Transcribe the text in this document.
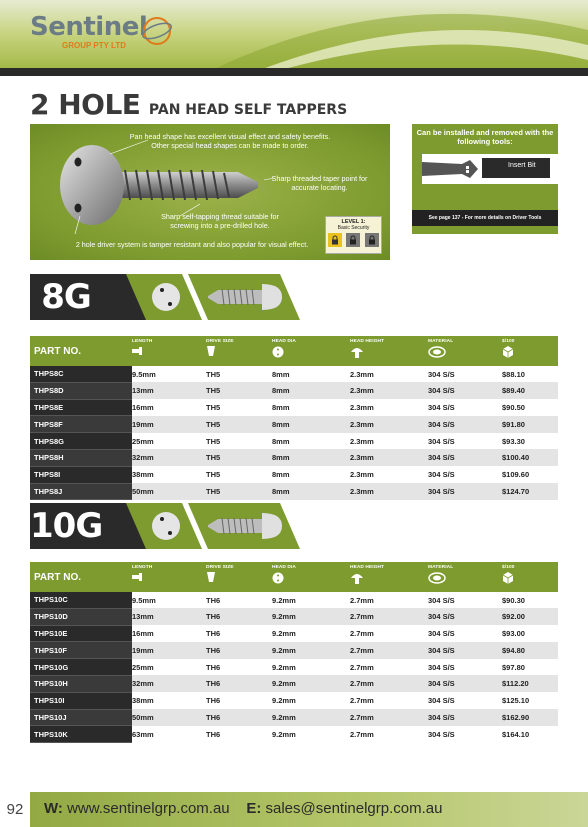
Sentinel
GROUP PTY LTD
2 HOLE PAN HEAD SELF TAPPERS
Pan head shape has excellent visual effect and safety benefits. Other special head shapes can be made to order.
Sharp threaded taper point for accurate locating.
Sharp self-tapping thread suitable for screwing into a pre-drilled hole.
2 hole driver system is tamper resistant and also popular for visual effect.
LEVEL 1:
Basic Security
Can be installed and removed with the following tools:
Insert Bit
See page 137 - For more details on Driver Tools
8G
PART NO.	LENGTH	DRIVE SIZE	HEAD DIA	HEAD HEIGHT	MATERIAL	$/100

THPS8C	9.5mm	TH5	8mm	2.3mm	304 S/S	$88.10
THPS8D	13mm	TH5	8mm	2.3mm	304 S/S	$89.40
THPS8E	16mm	TH5	8mm	2.3mm	304 S/S	$90.50
THPS8F	19mm	TH5	8mm	2.3mm	304 S/S	$91.80
THPS8G	25mm	TH5	8mm	2.3mm	304 S/S	$93.30
THPS8H	32mm	TH5	8mm	2.3mm	304 S/S	$100.40
THPS8I	38mm	TH5	8mm	2.3mm	304 S/S	$109.60
THPS8J	50mm	TH5	8mm	2.3mm	304 S/S	$124.70
10G
PART NO.	LENGTH	DRIVE SIZE	HEAD DIA	HEAD HEIGHT	MATERIAL	$/100

THPS10C	9.5mm	TH6	9.2mm	2.7mm	304 S/S	$90.30
THPS10D	13mm	TH6	9.2mm	2.7mm	304 S/S	$92.00
THPS10E	16mm	TH6	9.2mm	2.7mm	304 S/S	$93.00
THPS10F	19mm	TH6	9.2mm	2.7mm	304 S/S	$94.80
THPS10G	25mm	TH6	9.2mm	2.7mm	304 S/S	$97.80
THPS10H	32mm	TH6	9.2mm	2.7mm	304 S/S	$112.20
THPS10I	38mm	TH6	9.2mm	2.7mm	304 S/S	$125.10
THPS10J	50mm	TH6	9.2mm	2.7mm	304 S/S	$162.90
THPS10K	63mm	TH6	9.2mm	2.7mm	304 S/S	$164.10
92	W: www.sentinelgrp.com.au E: sales@sentinelgrp.com.au
